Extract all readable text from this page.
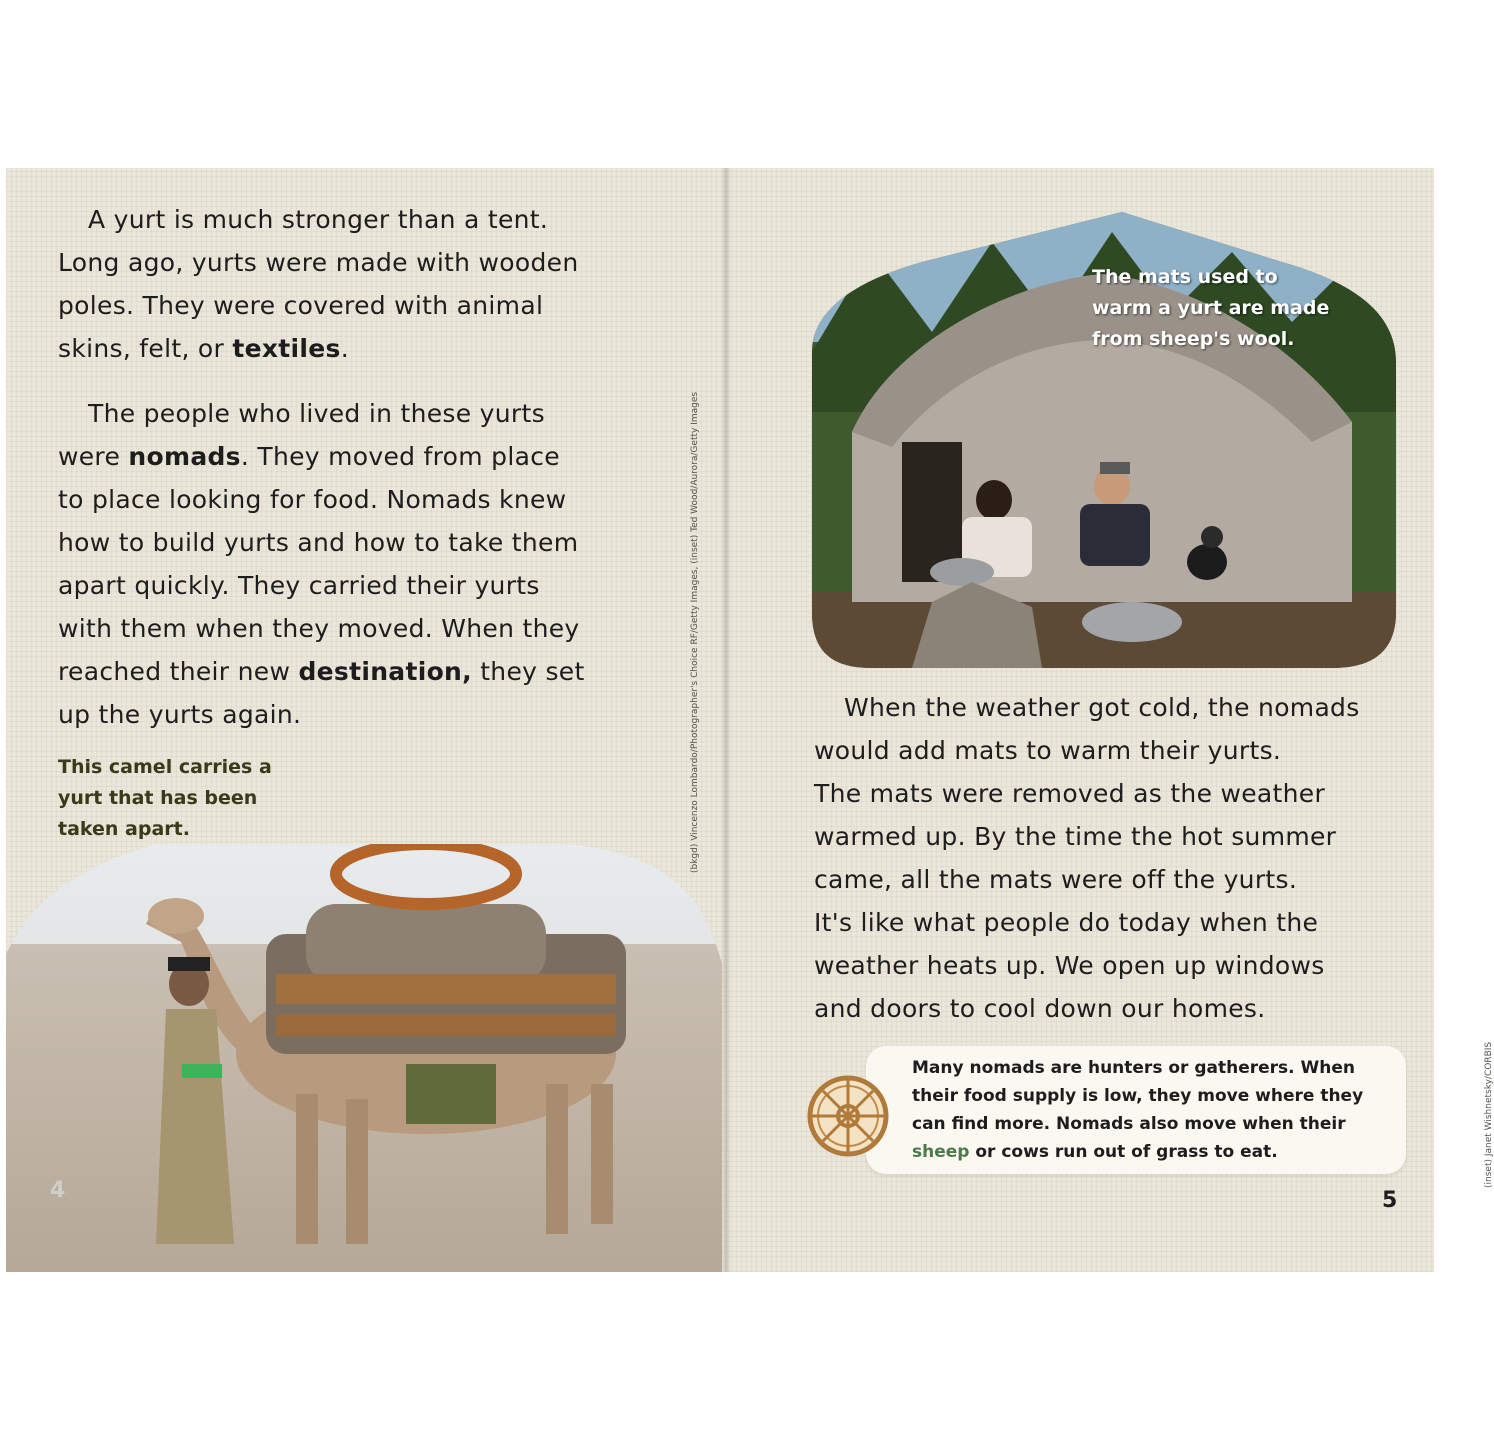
A yurt is much stronger than a tent.

Long ago, yurts were made with wooden

poles. They were covered with animal

skins, felt, or textiles.

The people who lived in these yurts

were nomads. They moved from place

to place looking for food. Nomads knew

how to build yurts and how to take them

apart quickly. They carried their yurts

with them when they moved. When they

reached their new destination, they set

up the yurts again.

This camel carries a
yurt that has been
taken apart.
4
(bkgd) Vincenzo Lombardo/Photographer's Choice RF/Getty Images, (inset) Ted Wood/Aurora/Getty Images
The mats used to
warm a yurt are made
from sheep's wool.

When the weather got cold, the nomads

would add mats to warm their yurts.

The mats were removed as the weather

warmed up. By the time the hot summer

came, all the mats were off the yurts.

It's like what people do today when the

weather heats up. We open up windows

and doors to cool down our homes.

Many nomads are hunters or gatherers. When their food supply is low, they move where they can find more. Nomads also move when their sheep or cows run out of grass to eat.

5
(inset) Janet Wishnetsky/CORBIS
